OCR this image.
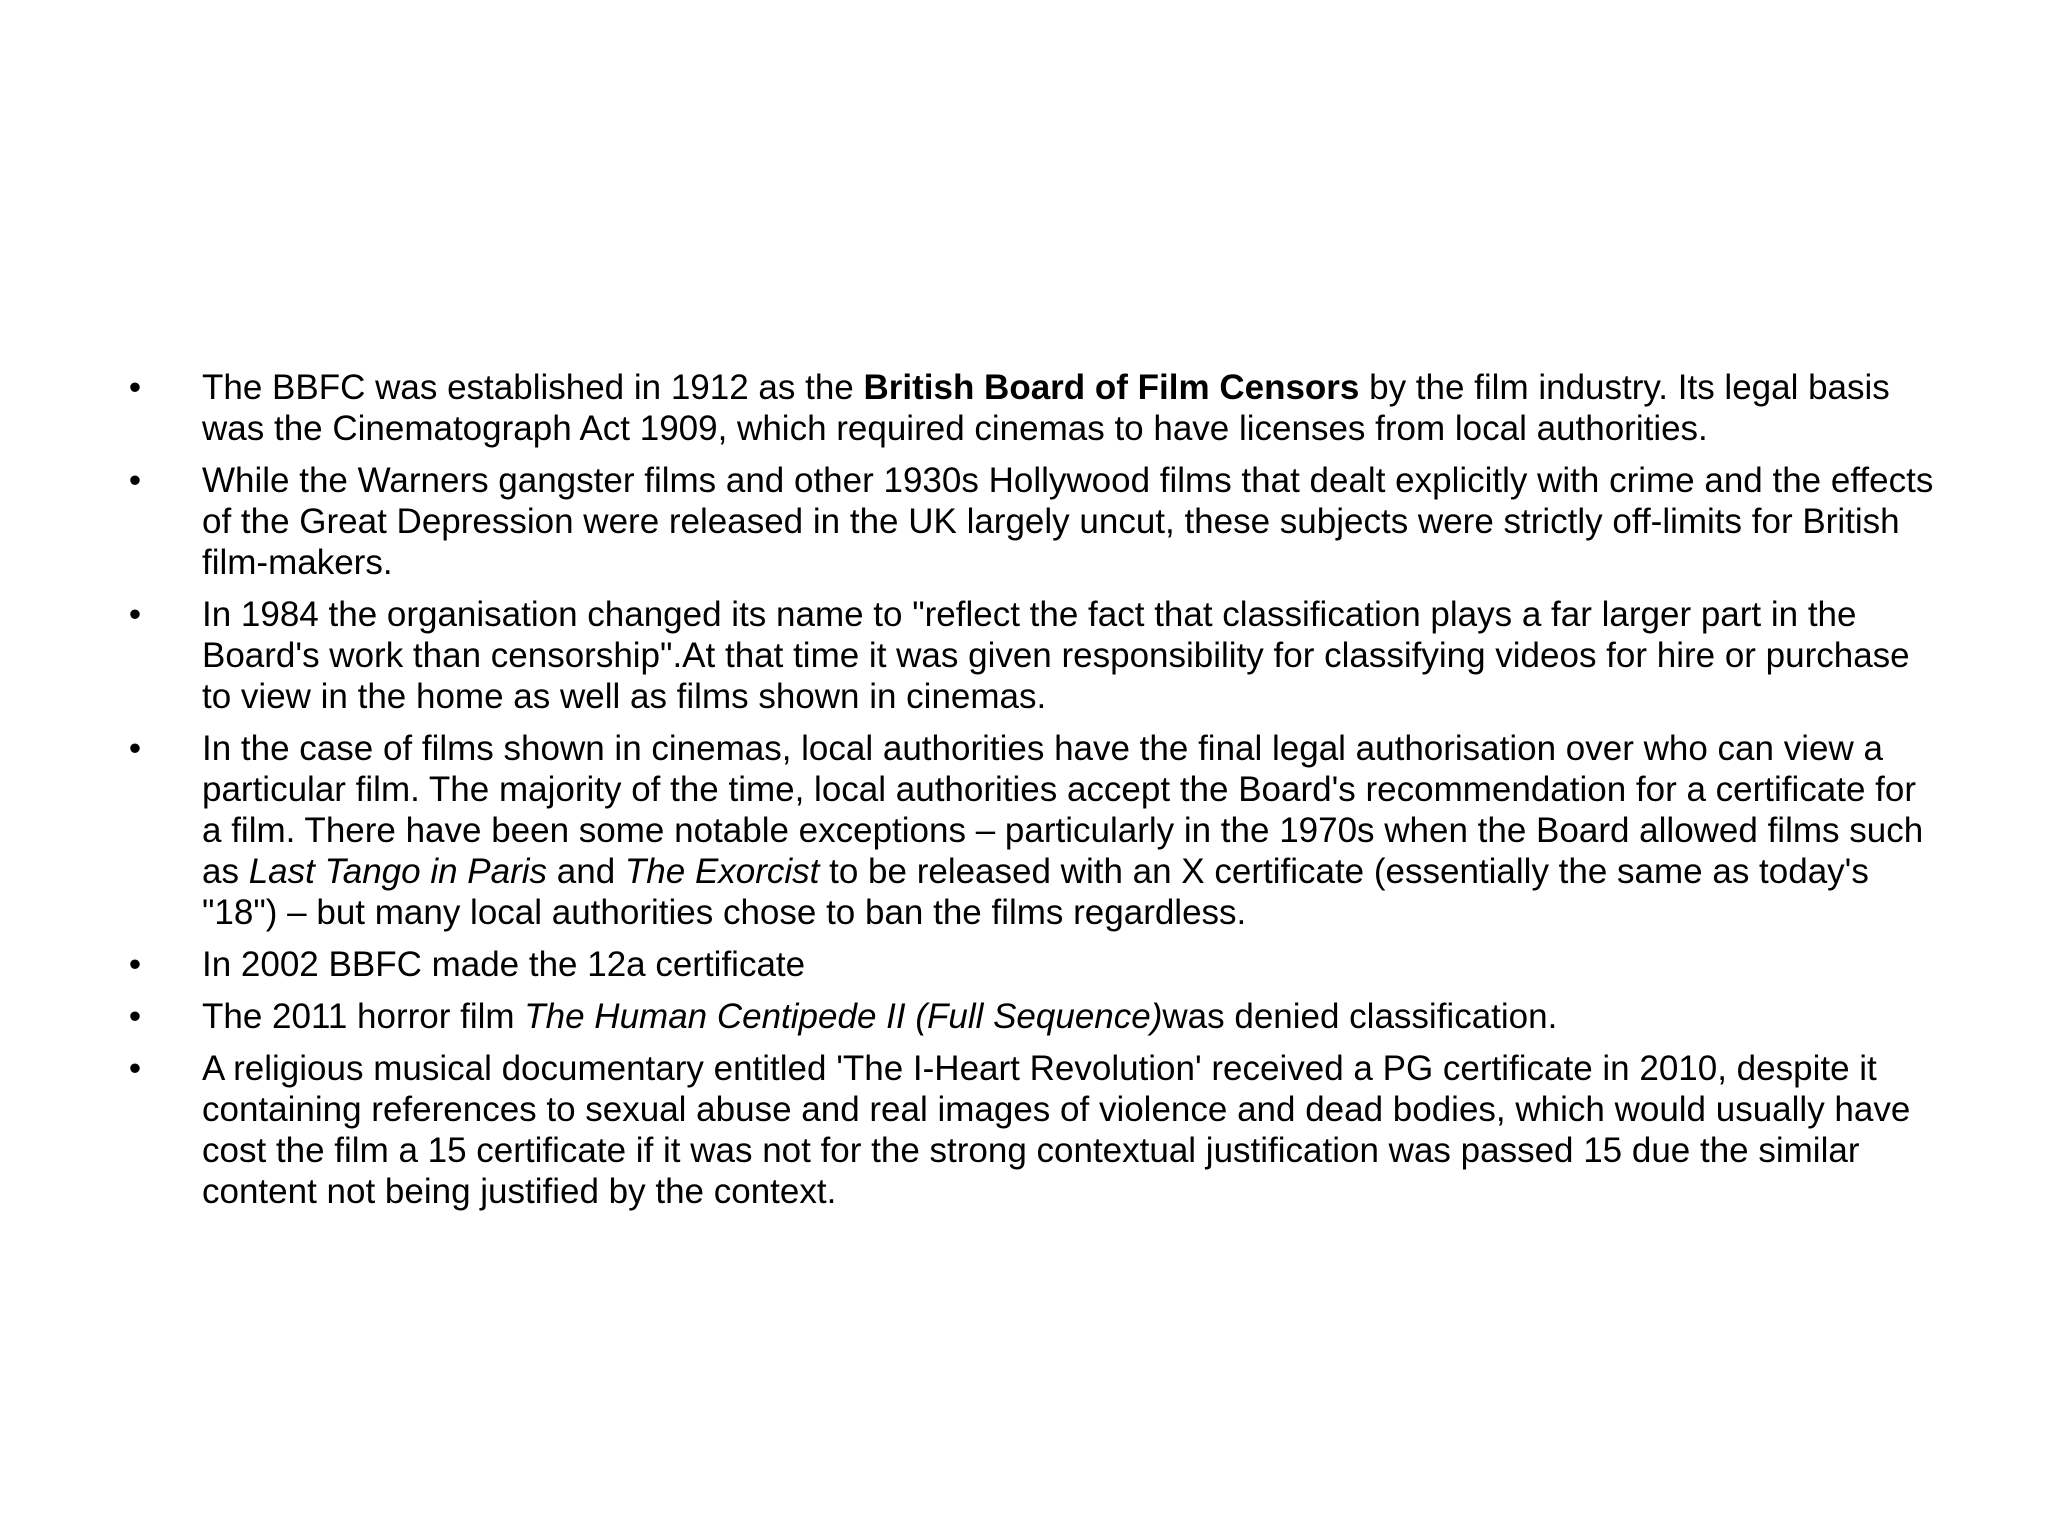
• The BBFC was established in 1912 as the British Board of Film Censors by the film industry. Its legal basis was the Cinematograph Act 1909, which required cinemas to have licenses from local authorities.
• While the Warners gangster films and other 1930s Hollywood films that dealt explicitly with crime and the effects of the Great Depression were released in the UK largely uncut, these subjects were strictly off-limits for British film-makers.
• In 1984 the organisation changed its name to "reflect the fact that classification plays a far larger part in the Board's work than censorship".At that time it was given responsibility for classifying videos for hire or purchase to view in the home as well as films shown in cinemas.
• In the case of films shown in cinemas, local authorities have the final legal authorisation over who can view a particular film. The majority of the time, local authorities accept the Board's recommendation for a certificate for a film. There have been some notable exceptions – particularly in the 1970s when the Board allowed films such as Last Tango in Paris and The Exorcist to be released with an X certificate (essentially the same as today's "18") – but many local authorities chose to ban the films regardless.
• In 2002 BBFC made the 12a certificate
• The 2011 horror film The Human Centipede II (Full Sequence)was denied classification.
• A religious musical documentary entitled 'The I-Heart Revolution' received a PG certificate in 2010, despite it containing references to sexual abuse and real images of violence and dead bodies, which would usually have cost the film a 15 certificate if it was not for the strong contextual justification was passed 15 due the similar content not being justified by the context.
